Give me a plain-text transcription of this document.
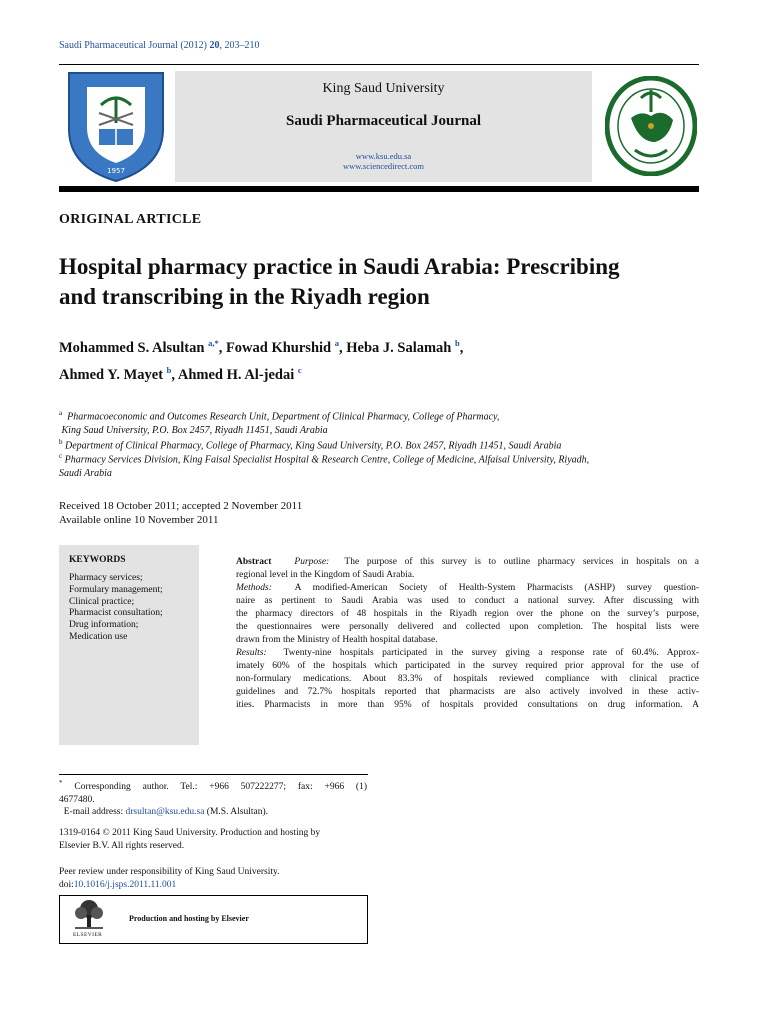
Saudi Pharmaceutical Journal (2012) 20, 203–210
1957
King Saud University
Saudi Pharmaceutical Journal
www.ksu.edu.sa
www.sciencedirect.com
ORIGINAL ARTICLE
Hospital pharmacy practice in Saudi Arabia: Prescribing
and transcribing in the Riyadh region
Mohammed S. Alsultan $^{a,*}$, Fowad Khurshid $^a$, Heba J. Salamah $^b$,
Ahmed Y. Mayet $^b$, Ahmed H. Al-jedai $^c$
$^a$ Pharmacoeconomic and Outcomes Research Unit, Department of Clinical Pharmacy, College of Pharmacy,
King Saud University, P.O. Box 2457, Riyadh 11451, Saudi Arabia
$^b$ Department of Clinical Pharmacy, College of Pharmacy, King Saud University, P.O. Box 2457, Riyadh 11451, Saudi Arabia
$^c$ Pharmacy Services Division, King Faisal Specialist Hospital & Research Centre, College of Medicine, Alfaisal University, Riyadh,
Saudi Arabia
Received 18 October 2011; accepted 2 November 2011
Available online 10 November 2011
KEYWORDS
Pharmacy services;
Formulary management;
Clinical practice;
Pharmacist consultation;
Drug information;
Medication use
Abstract Purpose: The purpose of this survey is to outline pharmacy services in hospitals on a
regional level in the Kingdom of Saudi Arabia.
Methods: A modified-American Society of Health-System Pharmacists (ASHP) survey question-
naire as pertinent to Saudi Arabia was used to conduct a national survey. After discussing with
the pharmacy directors of 48 hospitals in the Riyadh region over the phone on the survey’s purpose,
the questionnaires were personally delivered and collected upon completion. The hospital lists were
drawn from the Ministry of Health hospital database.
Results: Twenty-nine hospitals participated in the survey giving a response rate of 60.4%. Approx-
imately 60% of the hospitals which participated in the survey required prior approval for the use of
non-formulary medications. About 83.3% of hospitals reviewed compliance with clinical practice
guidelines and 72.7% hospitals reported that pharmacists are also actively involved in these activ-
ities. Pharmacists in more than 95% of hospitals provided consultations on drug information. A
* Corresponding author. Tel.: +966 507222277; fax: +966 (1)
4677480.
E-mail address: drsultan@ksu.edu.sa (M.S. Alsultan).
1319-0164 © 2011 King Saud University. Production and hosting by
Elsevier B.V. All rights reserved.
Peer review under responsibility of King Saud University.
doi:10.1016/j.jsps.2011.11.001
ELSEVIER
Production and hosting by Elsevier
